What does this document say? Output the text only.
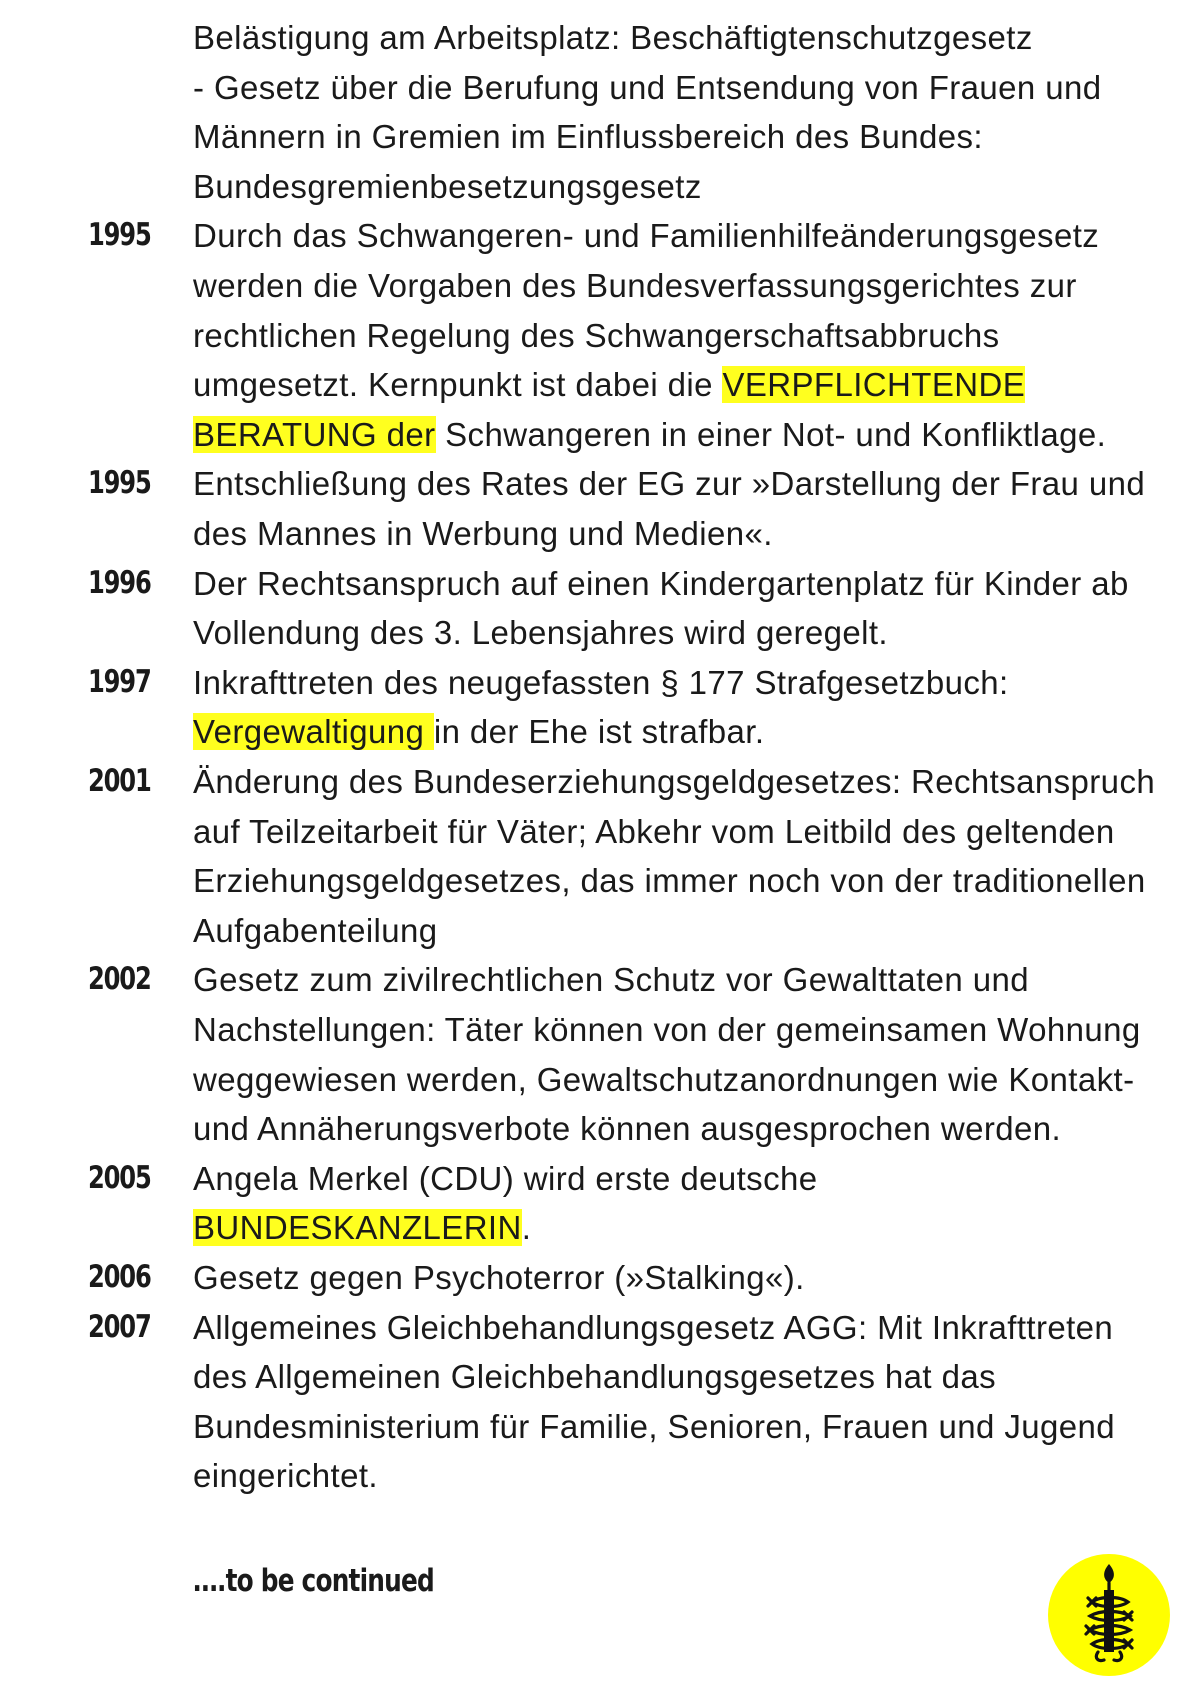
Belästigung am Arbeitsplatz: Beschäftigtenschutzgesetz
- Gesetz über die Berufung und Entsendung von Frauen und
Männern in Gremien im Einflussbereich des Bundes:
Bundesgremienbesetzungsgesetz
1995 Durch das Schwangeren- und Familienhilfeänderungsgesetz
werden die Vorgaben des Bundesverfassungsgerichtes zur
rechtlichen Regelung des Schwangerschaftsabbruchs
umgesetzt. Kernpunkt ist dabei die VERPFLICHTENDE
BERATUNG der Schwangeren in einer Not- und Konfliktlage.
1995 Entschließung des Rates der EG zur »Darstellung der Frau und
des Mannes in Werbung und Medien«.
1996 Der Rechtsanspruch auf einen Kindergartenplatz für Kinder ab
Vollendung des 3. Lebensjahres wird geregelt.
1997 Inkrafttreten des neugefassten § 177 Strafgesetzbuch:
Vergewaltigung in der Ehe ist strafbar.
2001 Änderung des Bundeserziehungsgeldgesetzes: Rechtsanspruch
auf Teilzeitarbeit für Väter; Abkehr vom Leitbild des geltenden
Erziehungsgeldgesetzes, das immer noch von der traditionellen
Aufgabenteilung
2002 Gesetz zum zivilrechtlichen Schutz vor Gewalttaten und
Nachstellungen: Täter können von der gemeinsamen Wohnung
weggewiesen werden, Gewaltschutzanordnungen wie Kontakt-
und Annäherungsverbote können ausgesprochen werden.
2005 Angela Merkel (CDU) wird erste deutsche
BUNDESKANZLERIN.
2006 Gesetz gegen Psychoterror (»Stalking«).
2007 Allgemeines Gleichbehandlungsgesetz AGG: Mit Inkrafttreten
des Allgemeinen Gleichbehandlungsgesetzes hat das
Bundesministerium für Familie, Senioren, Frauen und Jugend
eingerichtet.
….to be continued
